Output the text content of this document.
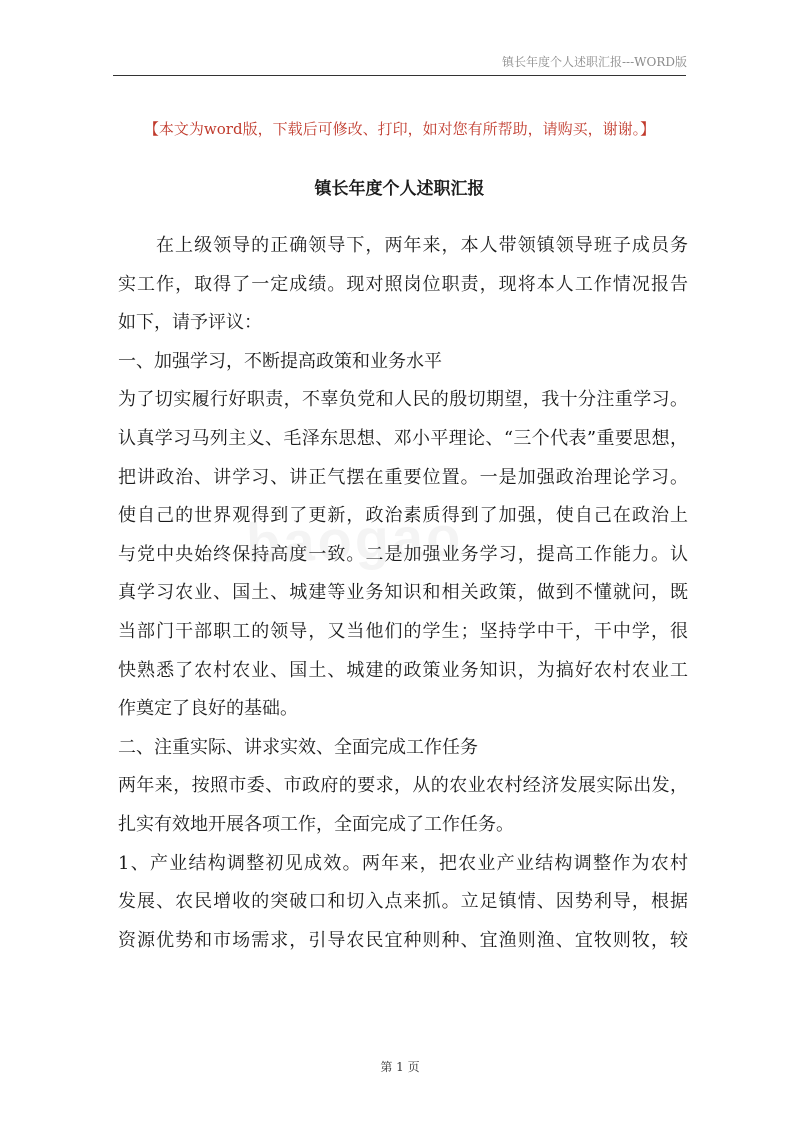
镇长年度个人述职汇报---WORD版
【本文为word版，下载后可修改、打印，如对您有所帮助，请购买，谢谢。】
镇长年度个人述职汇报
在上级领导的正确领导下，两年来，本人带领镇领导班子成员务
实工作，取得了一定成绩。现对照岗位职责，现将本人工作情况报告
如下，请予评议：
一、加强学习，不断提高政策和业务水平
为了切实履行好职责，不辜负党和人民的殷切期望，我十分注重学习。
认真学习马列主义、毛泽东思想、邓小平理论、“三个代表”重要思想，
把讲政治、讲学习、讲正气摆在重要位置。一是加强政治理论学习。
使自己的世界观得到了更新，政治素质得到了加强，使自己在政治上
与党中央始终保持高度一致。二是加强业务学习，提高工作能力。认
真学习农业、国土、城建等业务知识和相关政策，做到不懂就问，既
当部门干部职工的领导，又当他们的学生；坚持学中干，干中学，很
快熟悉了农村农业、国土、城建的政策业务知识，为搞好农村农业工
作奠定了良好的基础。
二、注重实际、讲求实效、全面完成工作任务
两年来，按照市委、市政府的要求，从的农业农村经济发展实际出发，
扎实有效地开展各项工作，全面完成了工作任务。
1、产业结构调整初见成效。两年来，把农业产业结构调整作为农村
发展、农民增收的突破口和切入点来抓。立足镇情、因势利导，根据
资源优势和市场需求，引导农民宜种则种、宜渔则渔、宜牧则牧，较
第 1 页
